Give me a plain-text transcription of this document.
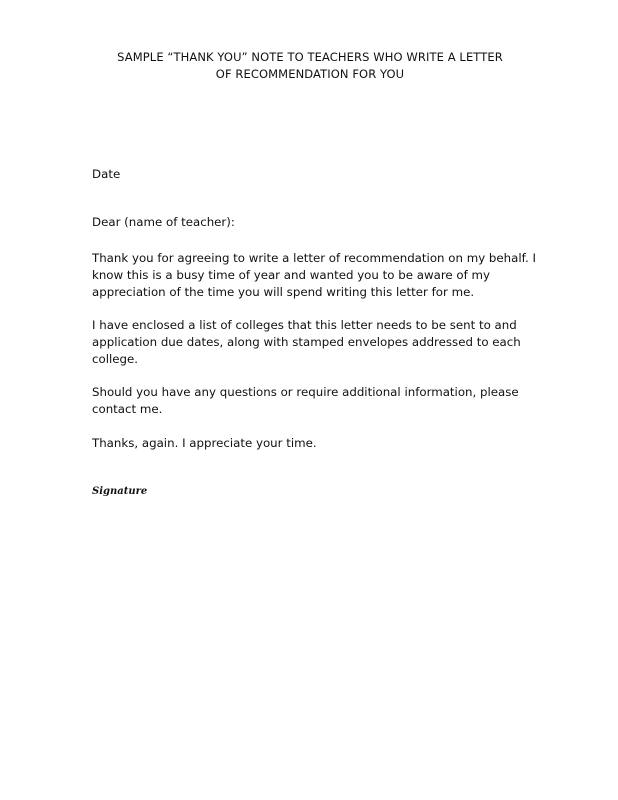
SAMPLE “THANK YOU” NOTE TO TEACHERS WHO WRITE A LETTER
OF RECOMMENDATION FOR YOU
Date
Dear (name of teacher):
Thank you for agreeing to write a letter of recommendation on my behalf. I
know this is a busy time of year and wanted you to be aware of my
appreciation of the time you will spend writing this letter for me.
I have enclosed a list of colleges that this letter needs to be sent to and
application due dates, along with stamped envelopes addressed to each
college.
Should you have any questions or require additional information, please
contact me.
Thanks, again. I appreciate your time.
Signature
